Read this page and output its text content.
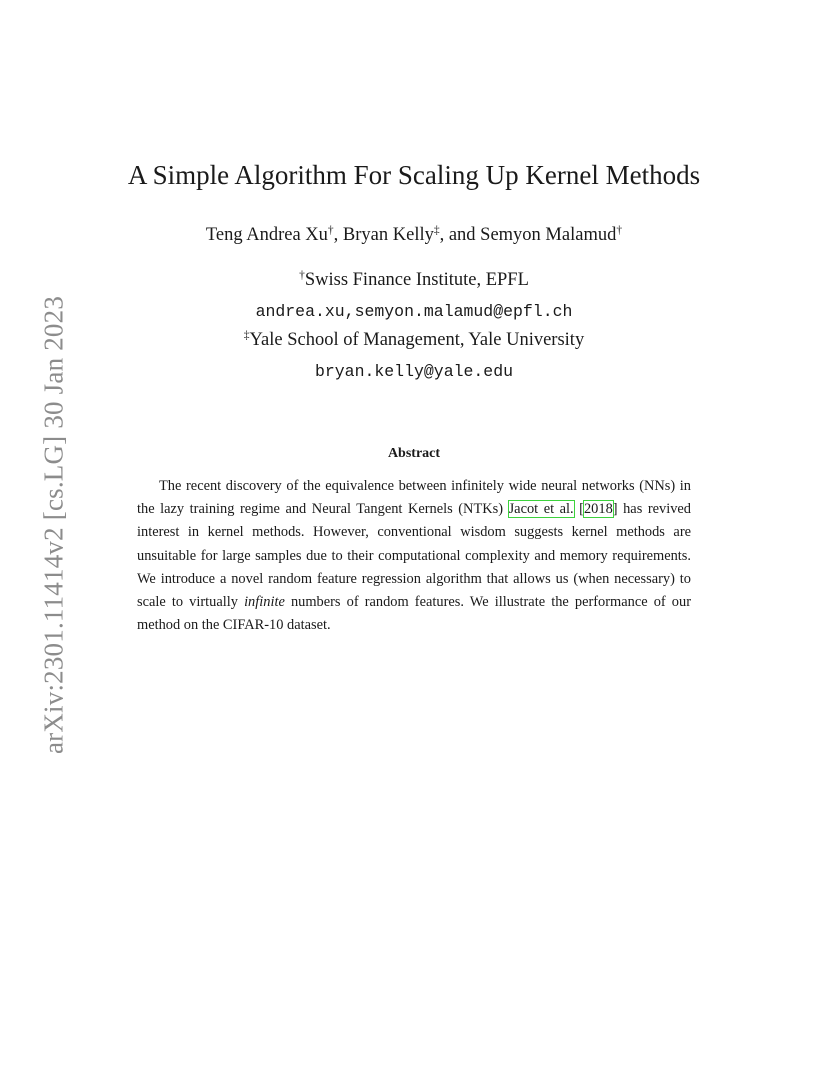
arXiv:2301.11414v2 [cs.LG] 30 Jan 2023
A Simple Algorithm For Scaling Up Kernel Methods
Teng Andrea Xu†, Bryan Kelly‡, and Semyon Malamud†
†Swiss Finance Institute, EPFL
andrea.xu,semyon.malamud@epfl.ch
‡Yale School of Management, Yale University
bryan.kelly@yale.edu
Abstract
The recent discovery of the equivalence between infinitely wide neural networks (NNs) in the lazy training regime and Neural Tangent Kernels (NTKs) Jacot et al. [2018] has revived interest in kernel methods. However, conventional wisdom suggests kernel methods are unsuitable for large samples due to their computational complexity and memory requirements. We introduce a novel random feature regression algorithm that allows us (when necessary) to scale to virtually infinite numbers of random features. We illustrate the performance of our method on the CIFAR-10 dataset.
